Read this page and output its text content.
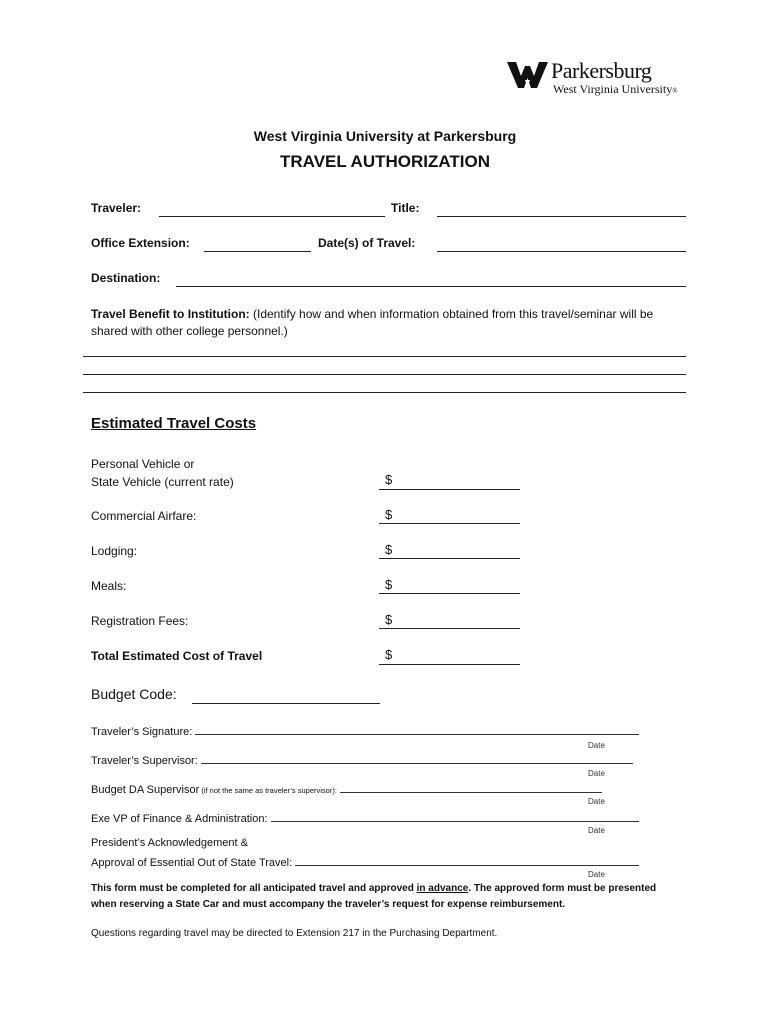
Parkersburg
West Virginia University®
West Virginia University at Parkersburg
TRAVEL AUTHORIZATION
Traveler:	Title:
Office Extension:	Date(s) of Travel:
Destination:
Travel Benefit to Institution: (Identify how and when information obtained from this travel/seminar will be shared with other college personnel.)
Estimated Travel Costs
Personal Vehicle or
State Vehicle (current rate)	$
Commercial Airfare:	$
Lodging:	$
Meals:	$
Registration Fees:	$
Total Estimated Cost of Travel	$
Budget Code:
Traveler’s Signature:
Date
Traveler’s Supervisor:
Date
Budget DA Supervisor (if not the same as traveler’s supervisor):
Date
Exe VP of Finance & Administration:
Date
President’s Acknowledgement &
Approval of Essential Out of State Travel:
Date
This form must be completed for all anticipated travel and approved in advance. The approved form must be presented when reserving a State Car and must accompany the traveler’s request for expense reimbursement.
Questions regarding travel may be directed to Extension 217 in the Purchasing Department.
